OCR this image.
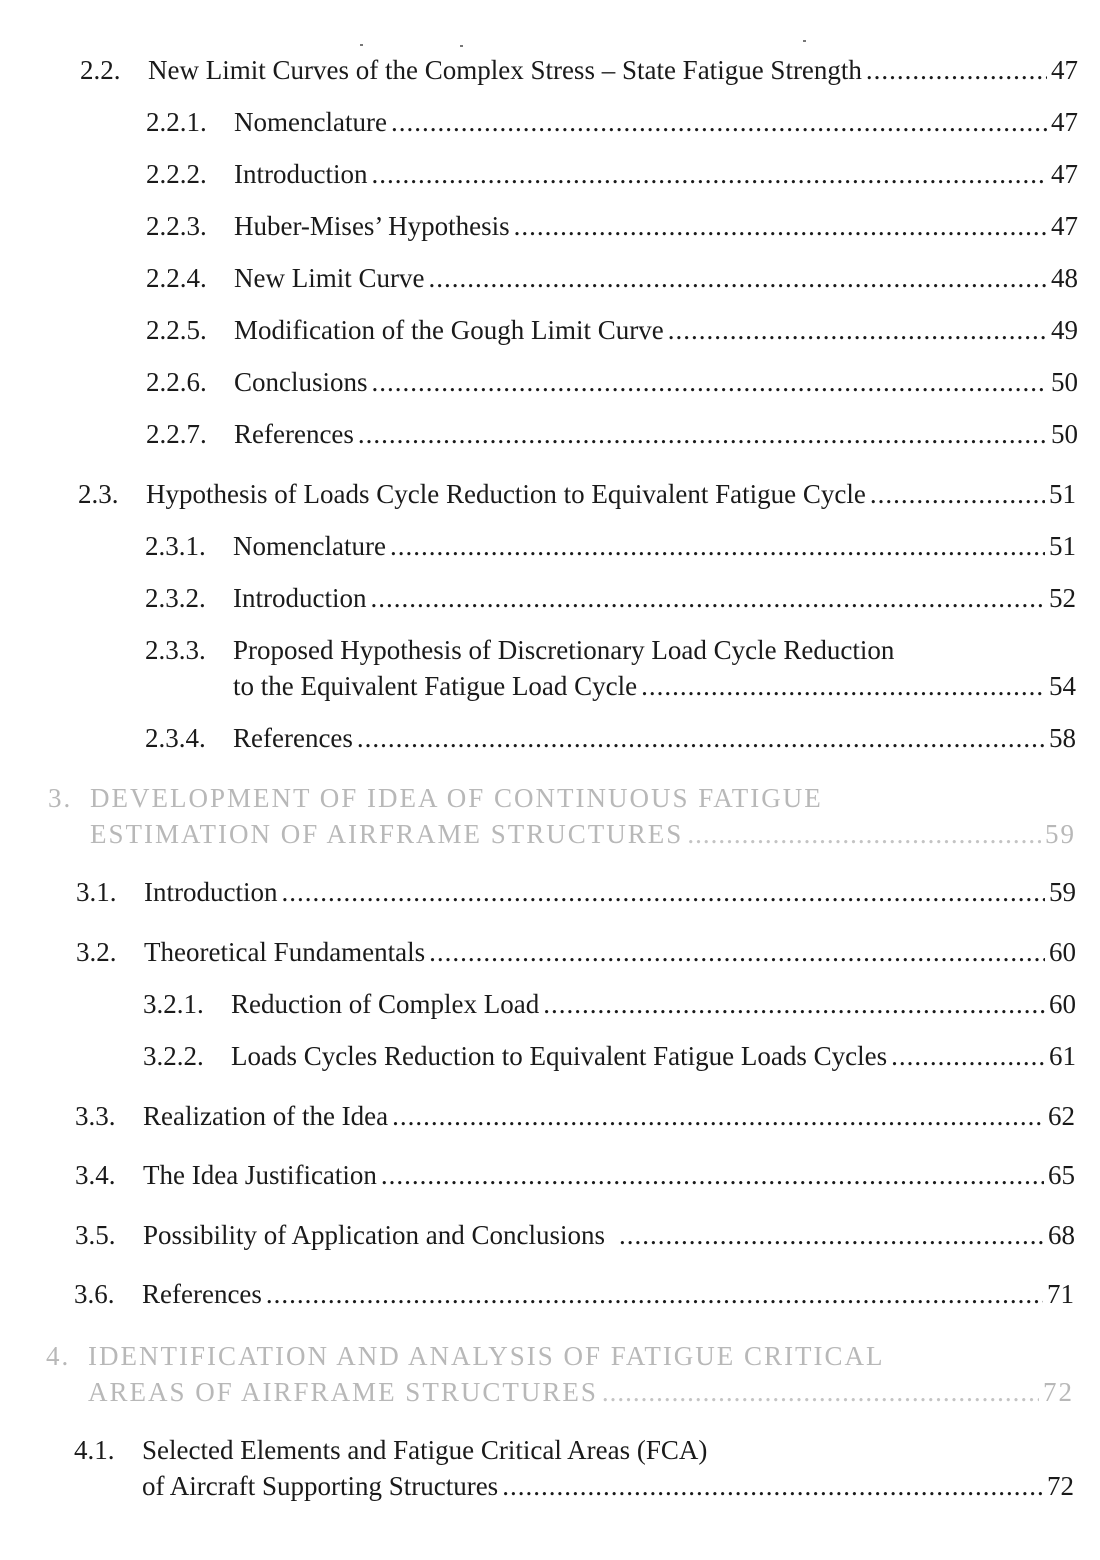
2.2.	New Limit Curves of the Complex Stress – State Fatigue Strength .....	47
2.2.1.	Nomenclature .....	47
2.2.2.	Introduction .....	47
2.2.3.	Huber-Mises’ Hypothesis .....	47
2.2.4.	New Limit Curve .....	48
2.2.5.	Modification of the Gough Limit Curve .....	49
2.2.6.	Conclusions .....	50
2.2.7.	References .....	50
2.3.	Hypothesis of Loads Cycle Reduction to Equivalent Fatigue Cycle .....	51
2.3.1.	Nomenclature .....	51
2.3.2.	Introduction .....	52
2.3.3.	Proposed Hypothesis of Discretionary Load Cycle Reduction
to the Equivalent Fatigue Load Cycle .....	54
2.3.4.	References .....	58
3. DEVELOPMENT OF IDEA OF CONTINUOUS FATIGUE
ESTIMATION OF AIRFRAME STRUCTURES .....	59
3.1.	Introduction .....	59
3.2.	Theoretical Fundamentals .....	60
3.2.1.	Reduction of Complex Load .....	60
3.2.2.	Loads Cycles Reduction to Equivalent Fatigue Loads Cycles .....	61
3.3.	Realization of the Idea .....	62
3.4.	The Idea Justification .....	65
3.5.	Possibility of Application and Conclusions .....	68
3.6.	References .....	71
4. IDENTIFICATION AND ANALYSIS OF FATIGUE CRITICAL
AREAS OF AIRFRAME STRUCTURES .....	72
4.1.	Selected Elements and Fatigue Critical Areas (FCA)
of Aircraft Supporting Structures .....	72
